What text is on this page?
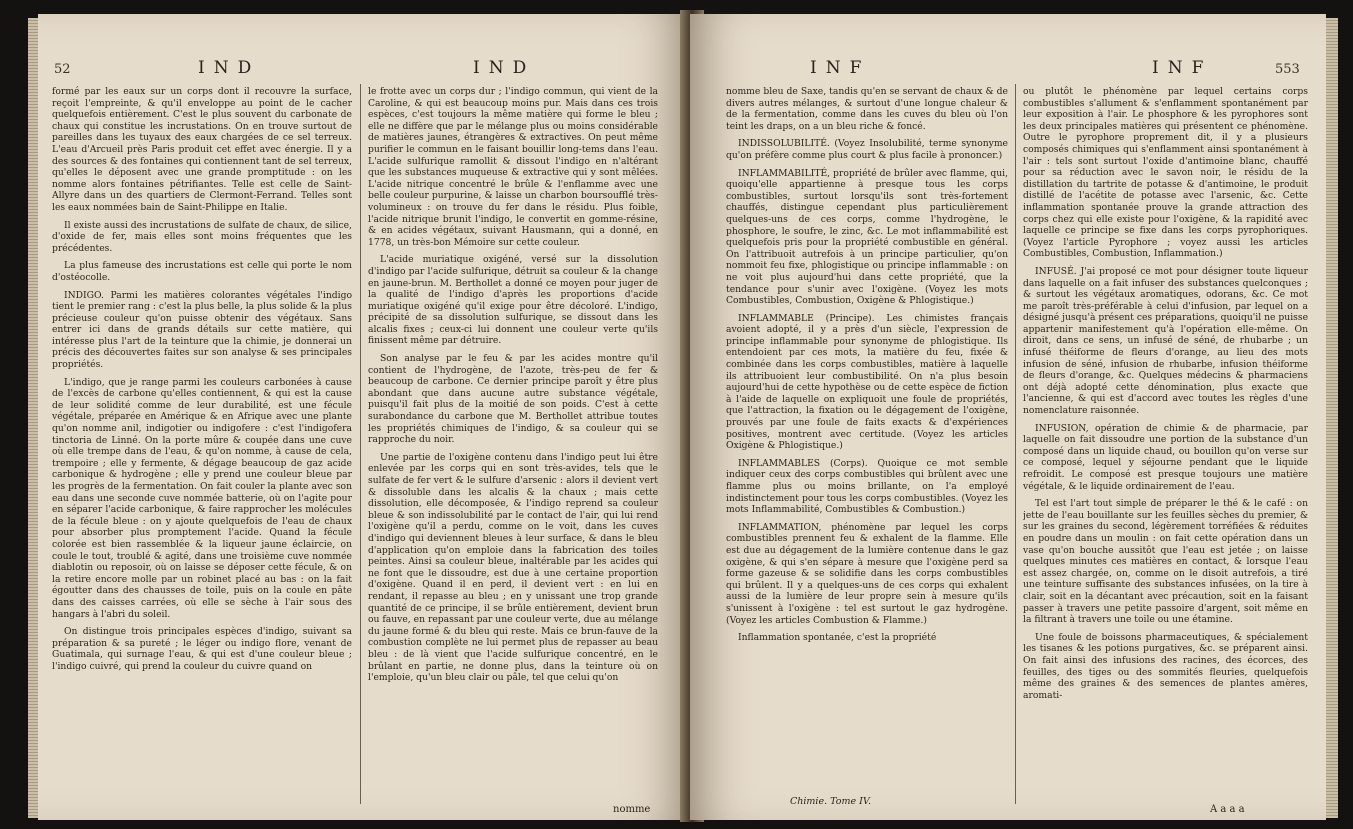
52	IND	IND

formé par les eaux sur un corps dont il recouvre la surface, reçoit l'empreinte, & qu'il enveloppe au point de le cacher quelquefois entièrement. C'est le plus souvent du carbonate de chaux qui constitue les incrustations. On en trouve surtout de pareilles dans les tuyaux des eaux chargées de ce sel terreux. L'eau d'Arcueil près Paris produit cet effet avec énergie. Il y a des sources & des fontaines qui contiennent tant de sel terreux, qu'elles le déposent avec une grande promptitude : on les nomme alors fontaines pétrifiantes. Telle est celle de Saint-Allyre dans un des quartiers de Clermont-Ferrand. Telles sont les eaux nommées bain de Saint-Philippe en Italie.

Il existe aussi des incrustations de sulfate de chaux, de silice, d'oxide de fer, mais elles sont moins fréquentes que les précédentes.

La plus fameuse des incrustations est celle qui porte le nom d'ostéocolle.

INDIGO. Parmi les matières colorantes végétales l'indigo tient le premier rang : c'est la plus belle, la plus solide & la plus précieuse couleur qu'on puisse obtenir des végétaux. Sans entrer ici dans de grands détails sur cette matière, qui intéresse plus l'art de la teinture que la chimie, je donnerai un précis des découvertes faites sur son analyse & ses principales propriétés.

L'indigo, que je range parmi les couleurs carbonées à cause de l'excès de carbone qu'elles contiennent, & qui est la cause de leur solidité comme de leur durabilité, est une fécule végétale, préparée en Amérique & en Afrique avec une plante qu'on nomme anil, indigotier ou indigofere : c'est l'indigofera tinctoria de Linné. On la porte mûre & coupée dans une cuve où elle trempe dans de l'eau, & qu'on nomme, à cause de cela, trempoire ; elle y fermente, & dégage beaucoup de gaz acide carbonique & hydrogène ; elle y prend une couleur bleue par les progrès de la fermentation. On fait couler la plante avec son eau dans une seconde cuve nommée batterie, où on l'agite pour en séparer l'acide carbonique, & faire rapprocher les molécules de la fécule bleue : on y ajoute quelquefois de l'eau de chaux pour absorber plus promptement l'acide. Quand la fécule colorée est bien rassemblée & la liqueur jaune éclaircie, on coule le tout, troublé & agité, dans une troisième cuve nommée diablotin ou reposoir, où on laisse se déposer cette fécule, & on la retire encore molle par un robinet placé au bas : on la fait égoutter dans des chausses de toile, puis on la coule en pâte dans des caisses carrées, où elle se sèche à l'air sous des hangars à l'abri du soleil.

On distingue trois principales espèces d'indigo, suivant sa préparation & sa pureté ; le léger ou indigo flore, venant de Guatimala, qui surnage l'eau, & qui est d'une couleur bleue ; l'indigo cuivré, qui prend la couleur du cuivre quand on

le frotte avec un corps dur ; l'indigo commun, qui vient de la Caroline, & qui est beaucoup moins pur. Mais dans ces trois espèces, c'est toujours la même matière qui forme le bleu ; elle ne diffère que par le mélange plus ou moins considérable de matières jaunes, étrangères & extractives. On peut même purifier le commun en le faisant bouillir long-tems dans l'eau. L'acide sulfurique ramollit & dissout l'indigo en n'altérant que les substances muqueuse & extractive qui y sont mêlées. L'acide nitrique concentré le brûle & l'enflamme avec une belle couleur purpurine, & laisse un charbon boursoufflé très-volumineux : on trouve du fer dans le résidu. Plus foible, l'acide nitrique brunit l'indigo, le convertit en gomme-résine, & en acides végétaux, suivant Hausmann, qui a donné, en 1778, un très-bon Mémoire sur cette couleur.

L'acide muriatique oxigéné, versé sur la dissolution d'indigo par l'acide sulfurique, détruit sa couleur & la change en jaune-brun. M. Berthollet a donné ce moyen pour juger de la qualité de l'indigo d'après les proportions d'acide muriatique oxigéné qu'il exige pour être décoloré. L'indigo, précipité de sa dissolution sulfurique, se dissout dans les alcalis fixes ; ceux-ci lui donnent une couleur verte qu'ils finissent même par détruire.

Son analyse par le feu & par les acides montre qu'il contient de l'hydrogène, de l'azote, très-peu de fer & beaucoup de carbone. Ce dernier principe paroît y être plus abondant que dans aucune autre substance végétale, puisqu'il fait plus de la moitié de son poids. C'est à cette surabondance du carbone que M. Berthollet attribue toutes les propriétés chimiques de l'indigo, & sa couleur qui se rapproche du noir.

Une partie de l'oxigène contenu dans l'indigo peut lui être enlevée par les corps qui en sont très-avides, tels que le sulfate de fer vert & le sulfure d'arsenic : alors il devient vert & dissoluble dans les alcalis & la chaux ; mais cette dissolution, elle décomposée, & l'indigo reprend sa couleur bleue & son indissolubilité par le contact de l'air, qui lui rend l'oxigène qu'il a perdu, comme on le voit, dans les cuves d'indigo qui deviennent bleues à leur surface, & dans le bleu d'application qu'on emploie dans la fabrication des toiles peintes. Ainsi sa couleur bleue, inaltérable par les acides qui ne font que le dissoudre, est due à une certaine proportion d'oxigène. Quand il en perd, il devient vert : en lui en rendant, il repasse au bleu ; en y unissant une trop grande quantité de ce principe, il se brûle entièrement, devient brun ou fauve, en repassant par une couleur verte, due au mélange du jaune formé & du bleu qui reste. Mais ce brun-fauve de la combustion complète ne lui permet plus de repasser au beau bleu : de là vient que l'acide sulfurique concentré, en le brûlant en partie, ne donne plus, dans la teinture où on l'emploie, qu'un bleu clair ou pâle, tel que celui qu'on

nomme
INF	INF	553

nomme bleu de Saxe, tandis qu'en se servant de chaux & de divers autres mélanges, & surtout d'une longue chaleur & de la fermentation, comme dans les cuves du bleu où l'on teint les draps, on a un bleu riche & foncé.

INDISSOLUBILITÉ. (Voyez Insolubilité, terme synonyme qu'on préfère comme plus court & plus facile à prononcer.)

INFLAMMABILITÉ, propriété de brûler avec flamme, qui, quoiqu'elle appartienne à presque tous les corps combustibles, surtout lorsqu'ils sont très-fortement chauffés, distingue cependant plus particulièrement quelques-uns de ces corps, comme l'hydrogène, le phosphore, le soufre, le zinc, &c. Le mot inflammabilité est quelquefois pris pour la propriété combustible en général. On l'attribuoit autrefois à un principe particulier, qu'on nommoit feu fixe, phlogistique ou principe inflammable : on ne voit plus aujourd'hui dans cette propriété, que la tendance pour s'unir avec l'oxigène. (Voyez les mots Combustibles, Combustion, Oxigène & Phlogistique.)

INFLAMMABLE (Principe). Les chimistes français avoient adopté, il y a près d'un siècle, l'expression de principe inflammable pour synonyme de phlogistique. Ils entendoient par ces mots, la matière du feu, fixée & combinée dans les corps combustibles, matière à laquelle ils attribuoient leur combustibilité. On n'a plus besoin aujourd'hui de cette hypothèse ou de cette espèce de fiction à l'aide de laquelle on expliquoit une foule de propriétés, que l'attraction, la fixation ou le dégagement de l'oxigène, prouvés par une foule de faits exacts & d'expériences positives, montrent avec certitude. (Voyez les articles Oxigène & Phlogistique.)

INFLAMMABLES (Corps). Quoique ce mot semble indiquer ceux des corps combustibles qui brûlent avec une flamme plus ou moins brillante, on l'a employé indistinctement pour tous les corps combustibles. (Voyez les mots Inflammabilité, Combustibles & Combustion.)

INFLAMMATION, phénomène par lequel les corps combustibles prennent feu & exhalent de la flamme. Elle est due au dégagement de la lumière contenue dans le gaz oxigène, & qui s'en sépare à mesure que l'oxigène perd sa forme gazeuse & se solidifie dans les corps combustibles qui brûlent. Il y a quelques-uns de ces corps qui exhalent aussi de la lumière de leur propre sein à mesure qu'ils s'unissent à l'oxigène : tel est surtout le gaz hydrogène. (Voyez les articles Combustion & Flamme.)

Inflammation spontanée, c'est la propriété

Chimie. Tome IV.

ou plutôt le phénomène par lequel certains corps combustibles s'allument & s'enflamment spontanément par leur exposition à l'air. Le phosphore & les pyrophores sont les deux principales matières qui présentent ce phénomène. Outre le pyrophore proprement dit, il y a plusieurs composés chimiques qui s'enflamment ainsi spontanément à l'air : tels sont surtout l'oxide d'antimoine blanc, chauffé pour sa réduction avec le savon noir, le résidu de la distillation du tartrite de potasse & d'antimoine, le produit distillé de l'acétite de potasse avec l'arsenic, &c. Cette inflammation spontanée prouve la grande attraction des corps chez qui elle existe pour l'oxigène, & la rapidité avec laquelle ce principe se fixe dans les corps pyrophoriques. (Voyez l'article Pyrophore ; voyez aussi les articles Combustibles, Combustion, Inflammation.)

INFUSÉ. J'ai proposé ce mot pour désigner toute liqueur dans laquelle on a fait infuser des substances quelconques ; & surtout les végétaux aromatiques, odorans, &c. Ce mot me paroît très-préférable à celui d'infusion, par lequel on a désigné jusqu'à présent ces préparations, quoiqu'il ne puisse appartenir manifestement qu'à l'opération elle-même. On diroit, dans ce sens, un infusé de séné, de rhubarbe ; un infusé théiforme de fleurs d'orange, au lieu des mots infusion de séné, infusion de rhubarbe, infusion théiforme de fleurs d'orange, &c. Quelques médecins & pharmaciens ont déjà adopté cette dénomination, plus exacte que l'ancienne, & qui est d'accord avec toutes les règles d'une nomenclature raisonnée.

INFUSION, opération de chimie & de pharmacie, par laquelle on fait dissoudre une portion de la substance d'un composé dans un liquide chaud, ou bouillon qu'on verse sur ce composé, lequel y séjourne pendant que le liquide refroidit. Le composé est presque toujours une matière végétale, & le liquide ordinairement de l'eau.

Tel est l'art tout simple de préparer le thé & le café : on jette de l'eau bouillante sur les feuilles sèches du premier, & sur les graines du second, légèrement torréfiées & réduites en poudre dans un moulin : on fait cette opération dans un vase qu'on bouche aussitôt que l'eau est jetée ; on laisse quelques minutes ces matières en contact, & lorsque l'eau est assez chargée, on, comme on le disoit autrefois, a tiré une teinture suffisante des substances infusées, on la tire à clair, soit en la décantant avec précaution, soit en la faisant passer à travers une petite passoire d'argent, soit même en la filtrant à travers une toile ou une étamine.

Une foule de boissons pharmaceutiques, & spécialement les tisanes & les potions purgatives, &c. se préparent ainsi. On fait ainsi des infusions des racines, des écorces, des feuilles, des tiges ou des sommités fleuries, quelquefois même des graines & des semences de plantes amères, aromati-

A a a a
